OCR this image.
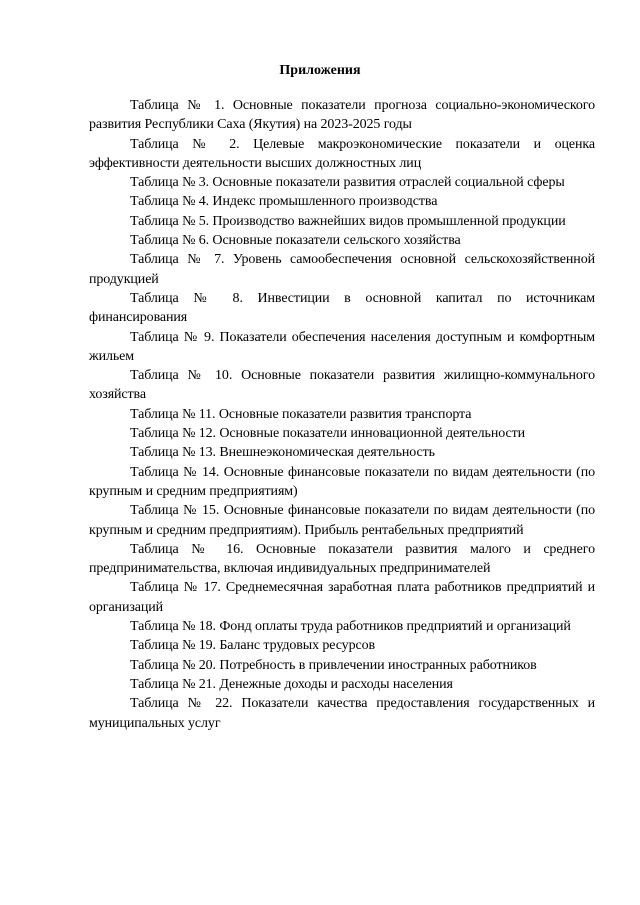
Приложения
Таблица № 1. Основные показатели прогноза социально-экономического развития Республики Саха (Якутия) на 2023-2025 годы
Таблица № 2. Целевые макроэкономические показатели и оценка эффективности деятельности высших должностных лиц
Таблица № 3. Основные показатели развития отраслей социальной сферы
Таблица № 4. Индекс промышленного производства
Таблица № 5. Производство важнейших видов промышленной продукции
Таблица № 6. Основные показатели сельского хозяйства
Таблица № 7. Уровень самообеспечения основной сельскохозяйственной продукцией
Таблица № 8. Инвестиции в основной капитал по источникам финансирования
Таблица № 9. Показатели обеспечения населения доступным и комфортным жильем
Таблица № 10. Основные показатели развития жилищно-коммунального хозяйства
Таблица № 11. Основные показатели развития транспорта
Таблица № 12. Основные показатели инновационной деятельности
Таблица № 13. Внешнеэкономическая деятельность
Таблица № 14. Основные финансовые показатели по видам деятельности (по крупным и средним предприятиям)
Таблица № 15. Основные финансовые показатели по видам деятельности (по крупным и средним предприятиям). Прибыль рентабельных предприятий
Таблица № 16. Основные показатели развития малого и среднего предпринимательства, включая индивидуальных предпринимателей
Таблица № 17. Среднемесячная заработная плата работников предприятий и организаций
Таблица № 18. Фонд оплаты труда работников предприятий и организаций
Таблица № 19. Баланс трудовых ресурсов
Таблица № 20. Потребность в привлечении иностранных работников
Таблица № 21. Денежные доходы и расходы населения
Таблица № 22. Показатели качества предоставления государственных и муниципальных услуг
